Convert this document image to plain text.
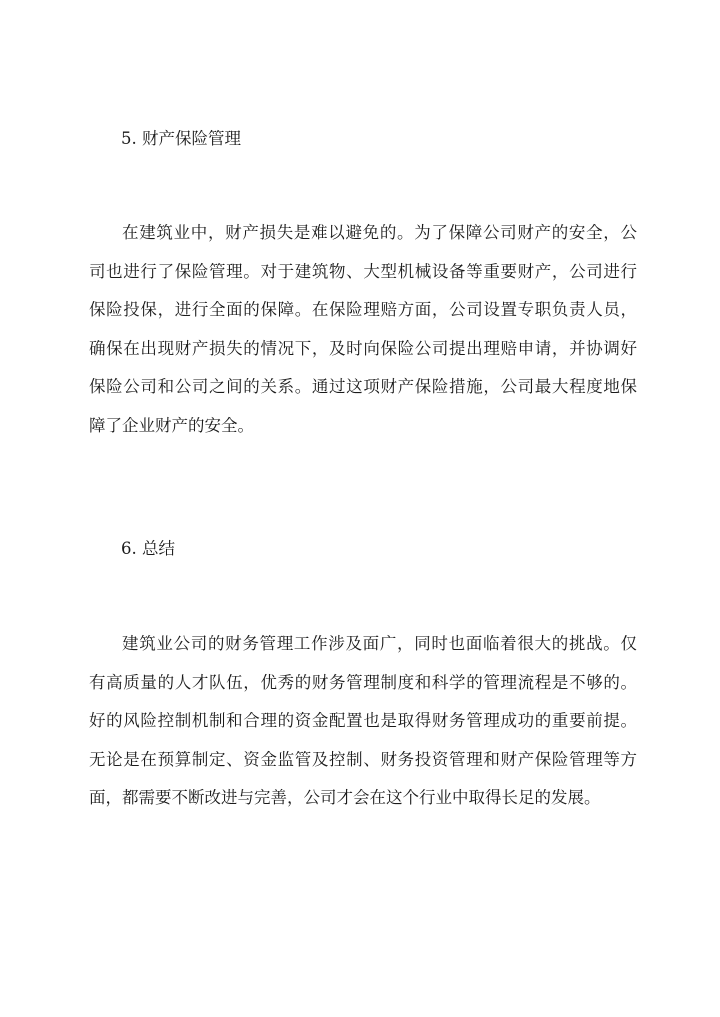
5. 财产保险管理
在建筑业中，财产损失是难以避免的。为了保障公司财产的安全，公
司也进行了保险管理。对于建筑物、大型机械设备等重要财产，公司进行
保险投保，进行全面的保障。在保险理赔方面，公司设置专职负责人员，
确保在出现财产损失的情况下，及时向保险公司提出理赔申请，并协调好
保险公司和公司之间的关系。通过这项财产保险措施，公司最大程度地保
障了企业财产的安全。
6. 总结
建筑业公司的财务管理工作涉及面广，同时也面临着很大的挑战。仅
有高质量的人才队伍，优秀的财务管理制度和科学的管理流程是不够的。
好的风险控制机制和合理的资金配置也是取得财务管理成功的重要前提。
无论是在预算制定、资金监管及控制、财务投资管理和财产保险管理等方
面，都需要不断改进与完善，公司才会在这个行业中取得长足的发展。
